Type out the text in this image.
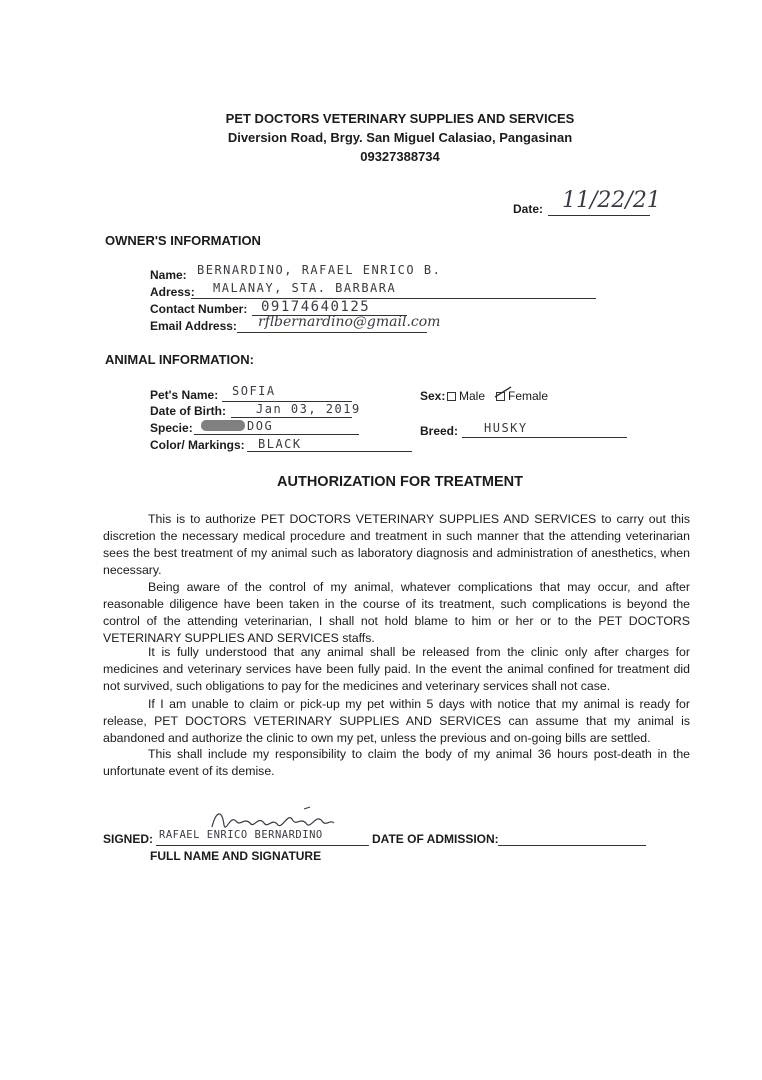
PET DOCTORS VETERINARY SUPPLIES AND SERVICES
Diversion Road, Brgy. San Miguel Calasiao, Pangasinan
09327388734
Date: 11/22/21
OWNER'S INFORMATION
Name: BERNARDINO, RAFAEL ENRICO B.
Adress: MALANAY, STA. BARBARA
Contact Number: 09174640125
Email Address: rflbernardino@gmail.com
ANIMAL INFORMATION:
Pet's Name: SOFIA
Date of Birth:	Jan 03, 2019
Specie:	DOG
Color/ Markings: BLACK
Sex: Male Female
Breed: HUSKY
AUTHORIZATION FOR TREATMENT
This is to authorize PET DOCTORS VETERINARY SUPPLIES AND SERVICES to carry out this discretion the necessary medical procedure and treatment in such manner that the attending veterinarian sees the best treatment of my animal such as laboratory diagnosis and administration of anesthetics, when necessary.
Being aware of the control of my animal, whatever complications that may occur, and after reasonable diligence have been taken in the course of its treatment, such complications is beyond the control of the attending veterinarian, I shall not hold blame to him or her or to the PET DOCTORS VETERINARY SUPPLIES AND SERVICES staffs.
It is fully understood that any animal shall be released from the clinic only after charges for medicines and veterinary services have been fully paid. In the event the animal confined for treatment did not survived, such obligations to pay for the medicines and veterinary services shall not case.
If I am unable to claim or pick-up my pet within 5 days with notice that my animal is ready for release, PET DOCTORS VETERINARY SUPPLIES AND SERVICES can assume that my animal is abandoned and authorize the clinic to own my pet, unless the previous and on-going bills are settled.
This shall include my responsibility to claim the body of my animal 36 hours post-death in the unfortunate event of its demise.
SIGNED: RAFAEL ENRICO BERNARDINO	DATE OF ADMISSION:
FULL NAME AND SIGNATURE
